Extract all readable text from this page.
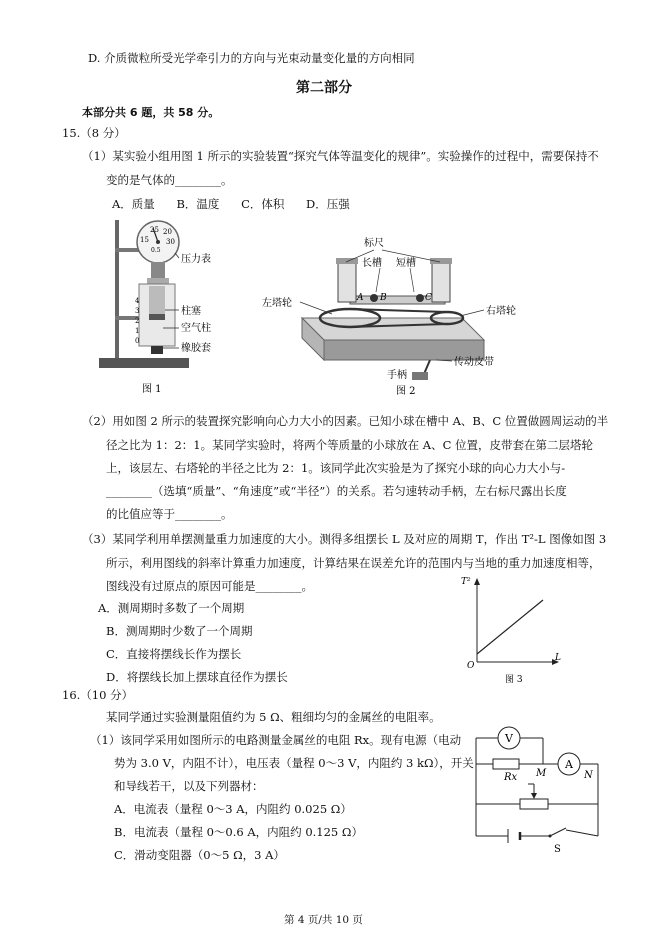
D. 介质微粒所受光学牵引力的方向与光束动量变化量的方向相同
第二部分
本部分共 6 题，共 58 分。
15.（8 分）
（1）某实验小组用图 1 所示的实验装置“探究气体等温变化的规律”。实验操作的过程中，需要保持不
变的是气体的________。
A．质量 B．温度 C．体积 D．压强
15
25 20
30
0.5
4
3
2
1
0
压力表
柱塞
空气柱
橡胶套
图 1
标尺
长槽 短槽
左塔轮
右塔轮
手柄
传动皮带
A B	C
图 2
（2）用如图 2 所示的装置探究影响向心力大小的因素。已知小球在槽中 A、B、C 位置做圆周运动的半
径之比为 1：2：1。某同学实验时，将两个等质量的小球放在 A、C 位置，皮带套在第二层塔轮
上，该层左、右塔轮的半径之比为 2：1。该同学此次实验是为了探究小球的向心力大小与-
________（选填“质量”、“角速度”或“半径”）的关系。若匀速转动手柄，左右标尺露出长度
的比值应等于________。
（3）某同学利用单摆测量重力加速度的大小。测得多组摆长 L 及对应的周期 T，作出 T²-L 图像如图 3
所示，利用图线的斜率计算重力加速度，计算结果在误差允许的范围内与当地的重力加速度相等，
图线没有过原点的原因可能是________。
A．测周期时多数了一个周期
B．测周期时少数了一个周期
C．直接将摆线长作为摆长
D．将摆线长加上摆球直径作为摆长
T²
L
O
图 3
16.（10 分）
某同学通过实验测量阻值约为 5 Ω、粗细均匀的金属丝的电阻率。
（1）该同学采用如图所示的电路测量金属丝的电阻 Rx。现有电源（电动
势为 3.0 V，内阻不计），电压表（量程 0～3 V，内阻约 3 kΩ），开关
和导线若干，以及下列器材：
A．电流表（量程 0～3 A，内阻约 0.025 Ω）
B．电流表（量程 0～0.6 A，内阻约 0.125 Ω）
C．滑动变阻器（0～5 Ω，3 A）
V
A
Rx M	N
S
第 4 页/共 10 页
